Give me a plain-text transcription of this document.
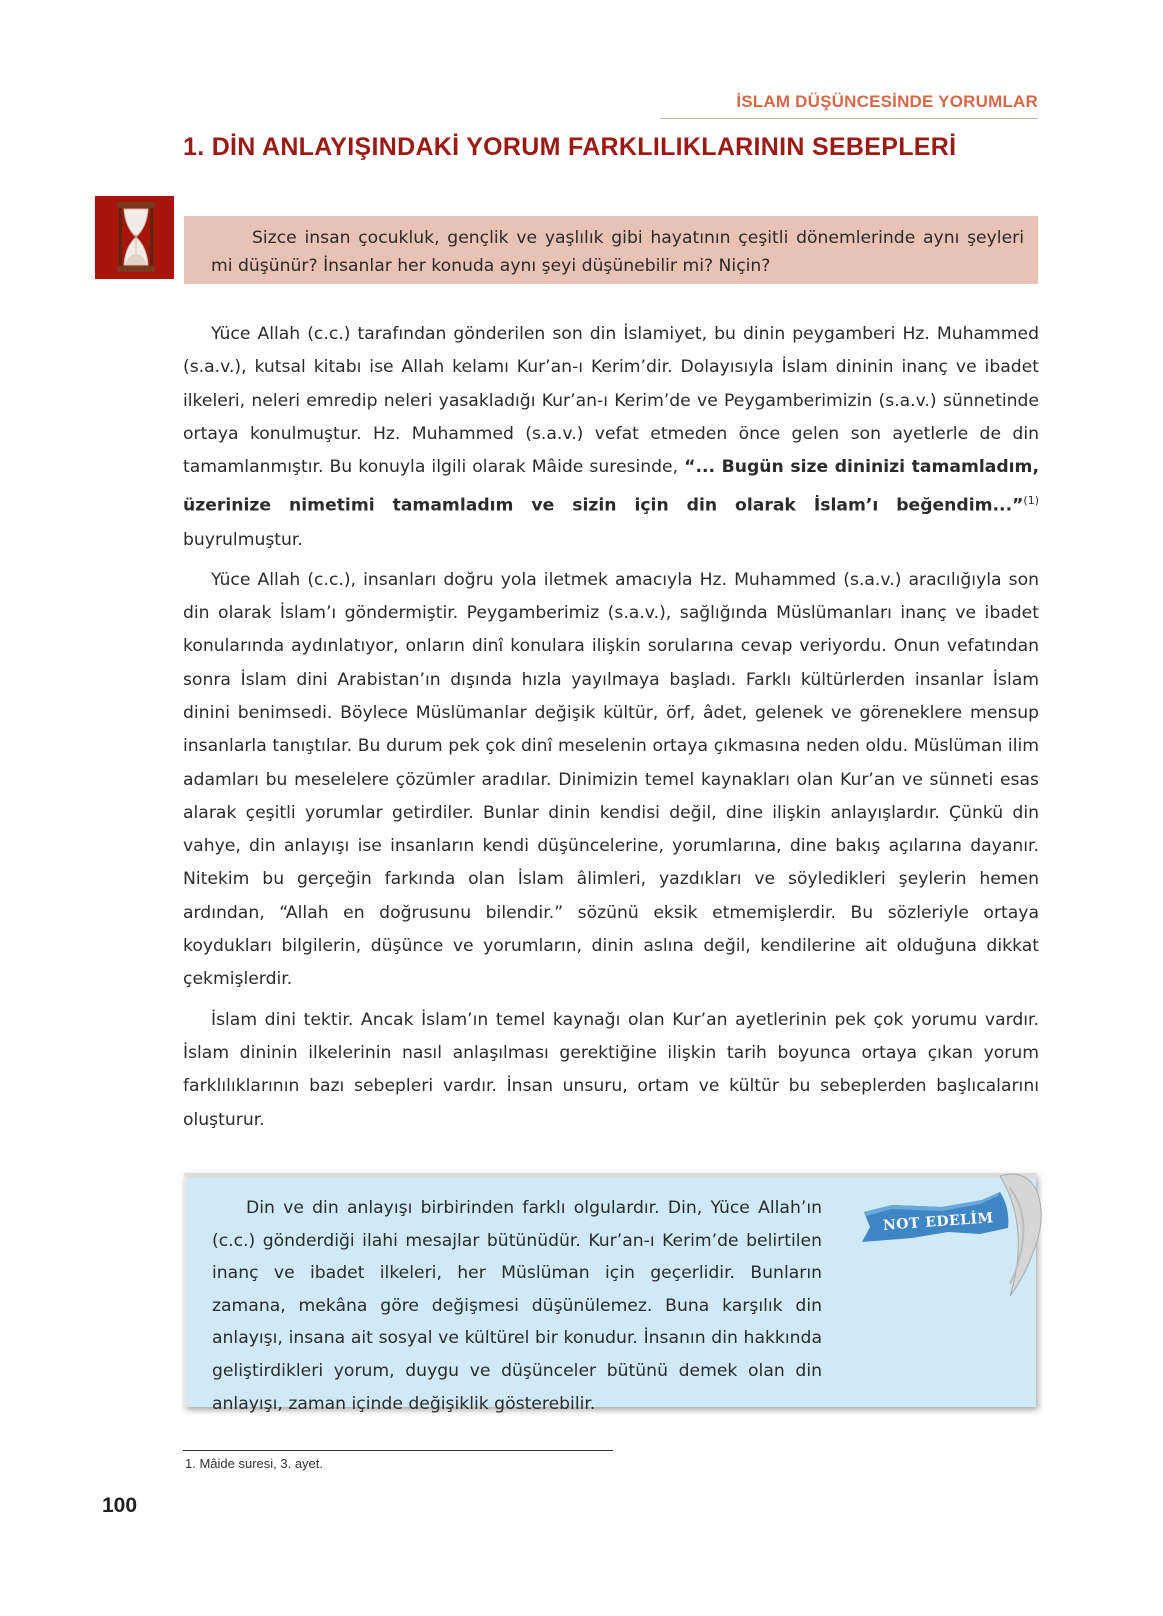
İSLAM DÜŞÜNCESİNDE YORUMLAR
1. DİN ANLAYIŞINDAKİ YORUM FARKLILIKLARININ SEBEPLERİ

Sizce insan çocukluk, gençlik ve yaşlılık gibi hayatının çeşitli dönemlerinde aynı şeyleri mi düşünür? İnsanlar her konuda aynı şeyi düşünebilir mi? Niçin?

Yüce Allah (c.c.) tarafından gönderilen son din İslamiyet, bu dinin peygamberi Hz. Muhammed (s.a.v.), kutsal kitabı ise Allah kelamı Kur’an-ı Kerim’dir. Dolayısıyla İslam dininin inanç ve ibadet ilkeleri, neleri emredip neleri yasakladığı Kur’an-ı Kerim’de ve Peygamberimizin (s.a.v.) sünnetinde ortaya konulmuştur. Hz. Muhammed (s.a.v.) vefat etmeden önce gelen son ayetlerle de din tamamlanmıştır. Bu konuyla ilgili olarak Mâide suresinde, “... Bugün size dininizi tamamladım, üzerinize nimetimi tamamladım ve sizin için din olarak İslam’ı beğendim...”$^{(1)}$ buyrulmuştur.

Yüce Allah (c.c.), insanları doğru yola iletmek amacıyla Hz. Muhammed (s.a.v.) aracılığıyla son din olarak İslam’ı göndermiştir. Peygamberimiz (s.a.v.), sağlığında Müslümanları inanç ve ibadet konularında aydınlatıyor, onların dinî konulara ilişkin sorularına cevap veriyordu. Onun vefatından sonra İslam dini Arabistan’ın dışında hızla yayılmaya başladı. Farklı kültürlerden insanlar İslam dinini benimsedi. Böylece Müslümanlar değişik kültür, örf, âdet, gelenek ve göreneklere mensup insanlarla tanıştılar. Bu durum pek çok dinî meselenin ortaya çıkmasına neden oldu. Müslüman ilim adamları bu meselelere çözümler aradılar. Dinimizin temel kaynakları olan Kur’an ve sünneti esas alarak çeşitli yorumlar getirdiler. Bunlar dinin kendisi değil, dine ilişkin anlayışlardır. Çünkü din vahye, din anlayışı ise insanların kendi düşüncelerine, yorumlarına, dine bakış açılarına dayanır. Nitekim bu gerçeğin farkında olan İslam âlimleri, yazdıkları ve söyledikleri şeylerin hemen ardından, “Allah en doğrusunu bilendir.” sözünü eksik etmemişlerdir. Bu sözleriyle ortaya koydukları bilgilerin, düşünce ve yorumların, dinin aslına değil, kendilerine ait olduğuna dikkat çekmişlerdir.

İslam dini tektir. Ancak İslam’ın temel kaynağı olan Kur’an ayetlerinin pek çok yorumu vardır. İslam dininin ilkelerinin nasıl anlaşılması gerektiğine ilişkin tarih boyunca ortaya çıkan yorum farklılıklarının bazı sebepleri vardır. İnsan unsuru, ortam ve kültür bu sebeplerden başlıcalarını oluşturur.

Din ve din anlayışı birbirinden farklı olgulardır. Din, Yüce Allah’ın (c.c.) gönderdiği ilahi mesajlar bütünüdür. Kur’an-ı Kerim’de belirtilen inanç ve ibadet ilkeleri, her Müslüman için geçerlidir. Bunların zamana, mekâna göre değişmesi düşünülemez. Buna karşılık din anlayışı, insana ait sosyal ve kültürel bir konudur. İnsanın din hakkında geliştirdikleri yorum, duygu ve düşünceler bütünü demek olan din anlayışı, zaman içinde değişiklik gösterebilir.

NOT EDELİM
1. Mâide suresi, 3. ayet.
100
